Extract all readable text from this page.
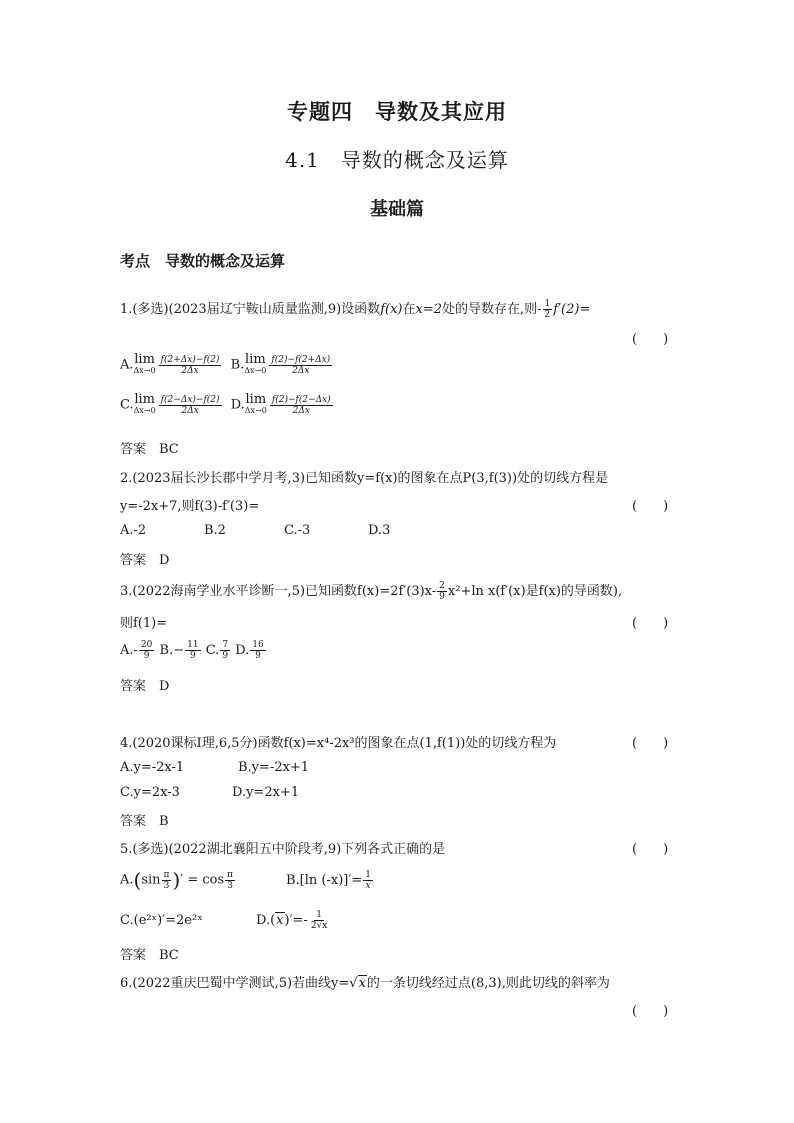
专题四　导数及其应用
4.1　导数的概念及运算
基础篇
考点　导数的概念及运算
1.(多选)(2023届辽宁鞍山质量监测,9)设函数f(x)在x=2处的导数存在,则- $\frac{1}{2} f'(2)=$
(　　)
A. lim
$\Delta x\to 0 \frac{f(2+\Delta x)-f(2)}{2\Delta x} B$. lim
$\Delta x\to 0 \frac{f(2)-f(2+\Delta x)}{2\Delta x}$
C. lim
$\Delta x\to 0 \frac{f(2-\Delta x)-f(2)}{2\Delta x} D$. lim
$\Delta x\to 0 \frac{f(2)-f(2-\Delta x)}{2\Delta x}$
答案　BC
2.(2023届长沙长郡中学月考,3)已知函数y=f(x)的图象在点P(3,f(3))处的切线方程是
y=-2x+7,则f(3)-f′(3)=	(　　)
A.-2	B.2	C.-3	D.3
答案　D
3.(2022海南学业水平诊断一,5)已知函数$f(x)=2f'(3)x- \frac{2}{9} x^2+\ln$ x(f′(x)是f(x)的导函数),
则f(1)=	(　　)
$A.- \frac{20}{9} B.- \frac{11}{9} C$. $\frac{7}{9} D$. $\frac{16}{9}$
答案　D
4.(2020课标Ⅰ理,6,5分)函数f(x)=x⁴-2x³的图象在点(1,f(1))处的切线方程为	(　　)
A.y=-2x-1	B.y=-2x+1
C.y=2x-3	D.y=2x+1
答案　B
5.(多选)(2022湖北襄阳五中阶段考,9)下列各式正确的是	(　　)
$A.(\sin \frac{\pi}{3}$ )′ = $\cos \frac{\pi}{3}$	B.[ln $(-x)]'= \frac{1}{x}$
C.(e²ˣ)′=2e²ˣ	$D.(x)'=- \frac{1}{2√x}$
答案　BC
6.(2022重庆巴蜀中学测试,5)若曲线y=√x的一条切线经过点(8,3),则此切线的斜率为
(　　)
